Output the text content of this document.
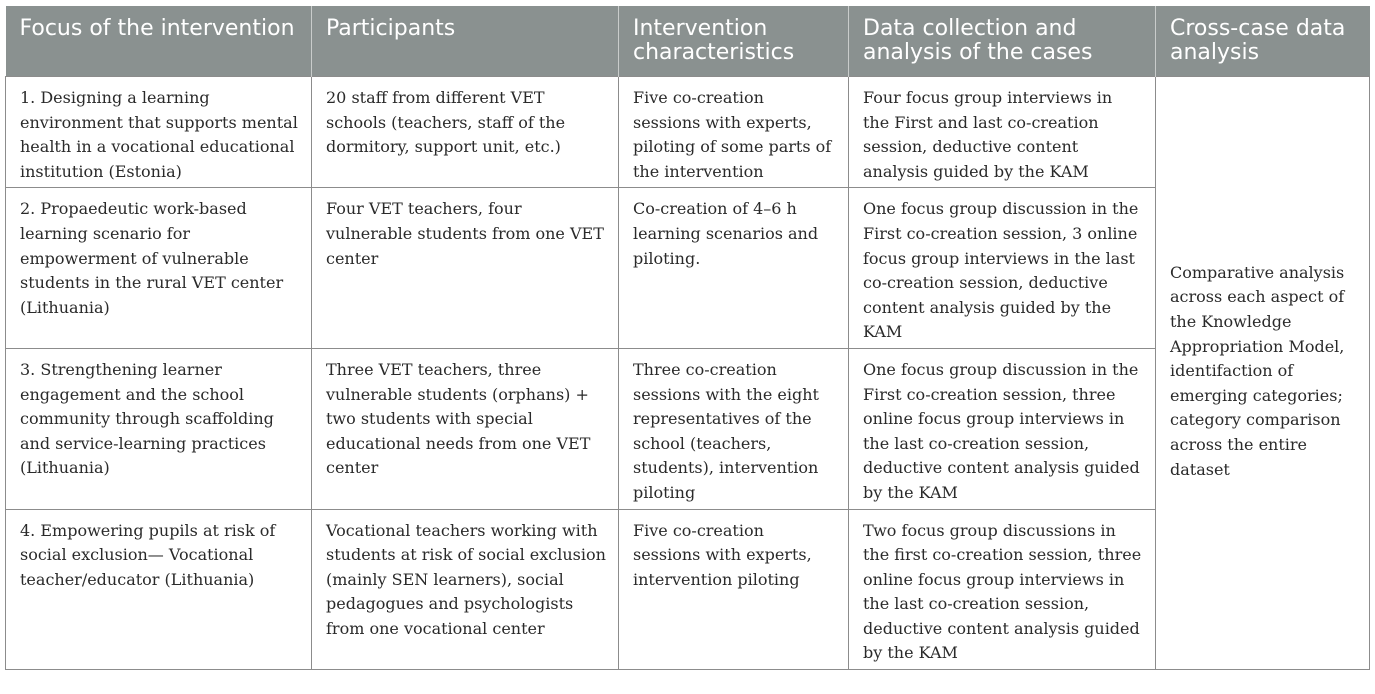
Focus of the intervention	Participants	Intervention characteristics	Data collection and analysis of the cases	Cross-case data analysis
1. Designing a learning environment that supports mental health in a vocational educational institution (Estonia)	20 staff from different VET schools (teachers, staff of the dormitory, support unit, etc.)	Five co-creation sessions with experts, piloting of some parts of the intervention	Four focus group interviews in the First and last co-creation session, deductive content analysis guided by the KAM	Comparative analysis across each aspect of the Knowledge Appropriation Model, identifaction of emerging categories; category comparison across the entire dataset

2. Propaedeutic work-based learning scenario for empowerment of vulnerable students in the rural VET center (Lithuania)	Four VET teachers, four vulnerable students from one VET center	Co-creation of 4–6 h learning scenarios and piloting.	One focus group discussion in the First co-creation session, 3 online focus group interviews in the last co-creation session, deductive content analysis guided by the KAM	
3. Strengthening learner engagement and the school community through scaffolding and service-learning practices (Lithuania)	Three VET teachers, three vulnerable students (orphans) + two students with special educational needs from one VET center	Three co-creation sessions with the eight representatives of the school (teachers, students), intervention piloting	One focus group discussion in the First co-creation session, three online focus group interviews in the last co-creation session, deductive content analysis guided by the KAM	
4. Empowering pupils at risk of social exclusion— Vocational teacher/educator (Lithuania)	Vocational teachers working with students at risk of social exclusion (mainly SEN learners), social pedagogues and psychologists from one vocational center	Five co-creation sessions with experts, intervention piloting	Two focus group discussions in the first co-creation session, three online focus group interviews in the last co-creation session, deductive content analysis guided by the KAM	
